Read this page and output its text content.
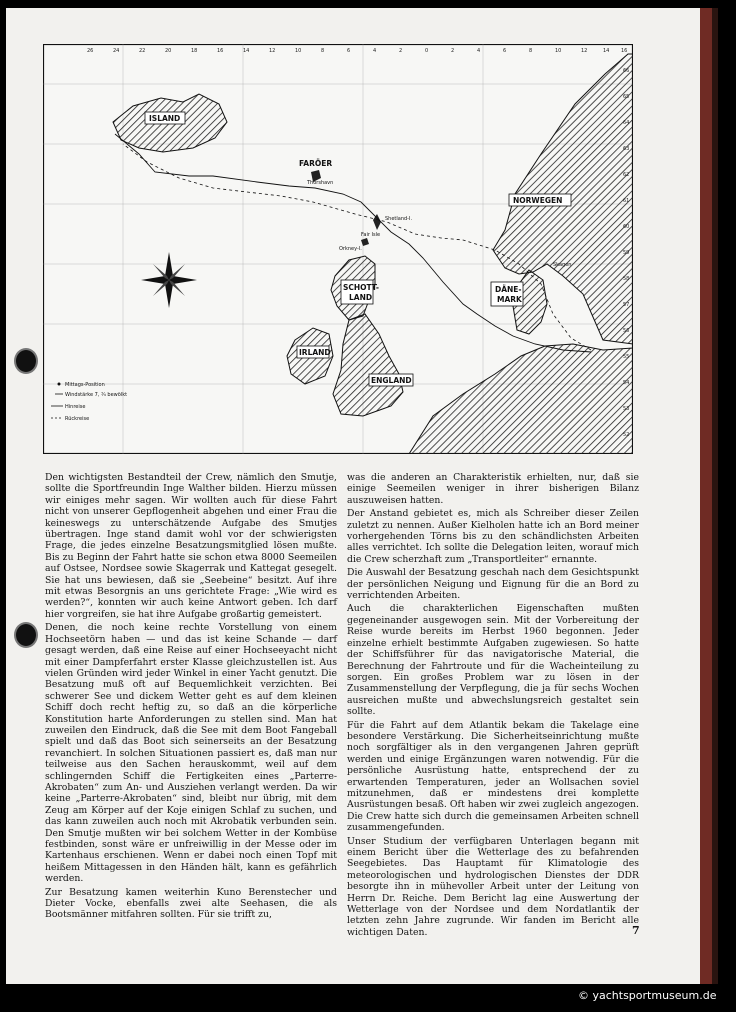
26	24	22	20	18	16	14	12	10	8	6	4	2	0	2	4	6	8	10	12	14 16
66
65
64
63
62
61
60
59
58
57
56
55
54
53
52
ISLAND
FARÖER
NORWEGEN
SCHOTT-
LAND
IRLAND
ENGLAND
DÄNE-
MARK
Shetland-I.
Fair Isle
Orkney-I.
Skagen
Thorshavn
Mittags-Position
Windstärke 7, ¾ bewölkt
Hinreise
Rückreise

Den wichtigsten Bestandteil der Crew, nämlich den Smutje, sollte die Sportfreundin Inge Walther bilden. Hierzu müssen wir einiges mehr sagen. Wir wollten auch für diese Fahrt nicht von unserer Gepflogenheit abgehen und einer Frau die keineswegs zu unterschätzende Aufgabe des Smutjes übertragen. Inge stand damit wohl vor der schwierigsten Frage, die jedes einzelne Besatzungsmitglied lösen mußte. Bis zu Beginn der Fahrt hatte sie schon etwa 8000 Seemeilen auf Ostsee, Nordsee sowie Skagerrak und Kattegat gesegelt. Sie hat uns bewiesen, daß sie „Seebeine“ besitzt. Auf ihre mit etwas Besorgnis an uns gerichtete Frage: „Wie wird es werden?“, konnten wir auch keine Antwort geben. Ich darf hier vorgreifen, sie hat ihre Aufgabe großartig gemeistert.

Denen, die noch keine rechte Vorstellung von einem Hochseetörn haben — und das ist keine Schande — darf gesagt werden, daß eine Reise auf einer Hochseeyacht nicht mit einer Dampferfahrt erster Klasse gleichzustellen ist. Aus vielen Gründen wird jeder Winkel in einer Yacht genutzt. Die Besatzung muß oft auf Bequemlichkeit verzichten. Bei schwerer See und dickem Wetter geht es auf dem kleinen Schiff doch recht heftig zu, so daß an die körperliche Konstitution harte Anforderungen zu stellen sind. Man hat zuweilen den Eindruck, daß die See mit dem Boot Fangeball spielt und daß das Boot sich seinerseits an der Besatzung revanchiert. In solchen Situationen passiert es, daß man nur teilweise aus den Sachen herauskommt, weil auf dem schlingernden Schiff die Fertigkeiten eines „Parterre-Akrobaten“ zum An- und Ausziehen verlangt werden. Da wir keine „Parterre-Akrobaten“ sind, bleibt nur übrig, mit dem Zeug am Körper auf der Koje einigen Schlaf zu suchen, und das kann zuweilen auch noch mit Akrobatik verbunden sein. Den Smutje mußten wir bei solchem Wetter in der Kombüse festbinden, sonst wäre er unfreiwillig in der Messe oder im Kartenhaus erschienen. Wenn er dabei noch einen Topf mit heißem Mittagessen in den Händen hält, kann es gefährlich werden.

Zur Besatzung kamen weiterhin Kuno Berenstecher und Dieter Vocke, ebenfalls zwei alte Seehasen, die als Bootsmänner mitfahren sollten. Für sie trifft zu,

was die anderen an Charakteristik erhielten, nur, daß sie einige Seemeilen weniger in ihrer bisherigen Bilanz auszuweisen hatten.

Der Anstand gebietet es, mich als Schreiber dieser Zeilen zuletzt zu nennen. Außer Kielholen hatte ich an Bord meiner vorhergehenden Törns bis zu den schändlichsten Arbeiten alles verrichtet. Ich sollte die Delegation leiten, worauf mich die Crew scherzhaft zum „Transportleiter“ ernannte.

Die Auswahl der Besatzung geschah nach dem Gesichtspunkt der persönlichen Neigung und Eignung für die an Bord zu verrichtenden Arbeiten.

Auch die charakterlichen Eigenschaften mußten gegeneinander ausgewogen sein. Mit der Vorbereitung der Reise wurde bereits im Herbst 1960 begonnen. Jeder einzelne erhielt bestimmte Aufgaben zugewiesen. So hatte der Schiffsführer für das navigatorische Material, die Berechnung der Fahrtroute und für die Wacheinteilung zu sorgen. Ein großes Problem war zu lösen in der Zusammenstellung der Verpflegung, die ja für sechs Wochen ausreichen mußte und abwechslungsreich gestaltet sein sollte.

Für die Fahrt auf dem Atlantik bekam die Takelage eine besondere Verstärkung. Die Sicherheitseinrichtung mußte noch sorgfältiger als in den vergangenen Jahren geprüft werden und einige Ergänzungen waren notwendig. Für die persönliche Ausrüstung hatte, entsprechend der zu erwartenden Temperaturen, jeder an Wollsachen soviel mitzunehmen, daß er mindestens drei komplette Ausrüstungen besaß. Oft haben wir zwei zugleich angezogen. Die Crew hatte sich durch die gemeinsamen Arbeiten schnell zusammengefunden.

Unser Studium der verfügbaren Unterlagen begann mit einem Bericht über die Wetterlage des zu befahrenden Seegebietes. Das Hauptamt für Klimatologie des meteorologischen und hydrologischen Dienstes der DDR besorgte ihn in mühevoller Arbeit unter der Leitung von Herrn Dr. Reiche. Dem Bericht lag eine Auswertung der Wetterlage von der Nordsee und dem Nordatlantik der letzten zehn Jahre zugrunde. Wir fanden im Bericht alle wichtigen Daten.	7
© yachtsportmuseum.de
